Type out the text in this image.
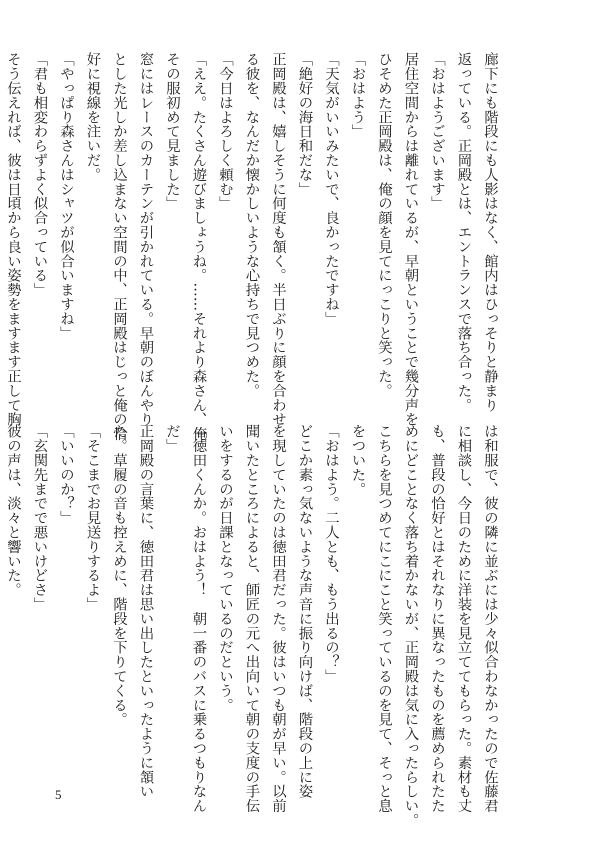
廊下にも階段にも人影はなく、館内はひっそりと静まり
返っている。正岡殿とは、エントランスで落ち合った。
「おはようございます」
居住空間からは離れているが、早朝ということで幾分声を
ひそめた正岡殿は、俺の顔を見てにっこりと笑った。
「おはよう」
「天気がいいみたいで、良かったですね」
「絶好の海日和だな」
正岡殿は、嬉しそうに何度も頷く。半日ぶりに顔を合わせ
る彼を、なんだか懐かしいような心持ちで見つめた。
「今日はよろしく頼む」
「ええ。たくさん遊びましょうね。……それより森さん、俺
その服初めて見ました」
窓にはレースのカーテンが引かれている。早朝のぼんやり
とした光しか差し込まない空間の中、正岡殿はじっと俺の恰
好に視線を注いだ。
「やっぱり森さんはシャツが似合いますね」
「君も相変わらずよく似合っている」
そう伝えれば、彼は日頃から良い姿勢をますます正して胸
は和服で、彼の隣に並ぶには少々似合わなかったので佐藤君
に相談し、今日のために洋装を見立ててもらった。素材も丈
も、普段の恰好とはそれなりに異なったものを薦められたた
めにどことなく落ち着かないが、正岡殿は気に入ったらしい。
こちらを見つめてにこにこと笑っているのを見て、そっと息
をついた。
「おはよう。二人とも、もう出るの？」
どこか素っ気ないような声音に振り向けば、階段の上に姿
を現していたのは徳田君だった。彼はいつも朝が早い。以前
聞いたところによると、師匠の元へ出向いて朝の支度の手伝
いをするのが日課となっているのだという。
「徳田くんか。おはよう！　朝一番のバスに乗るつもりなん
だ」
正岡殿の言葉に、徳田君は思い出したといったように頷い
た。草履の音も控えめに、階段を下りてくる。
「そこまでお見送りするよ」
「いいのか？」
「玄関先までで悪いけどさ」
彼の声は、淡々と響いた。
5
